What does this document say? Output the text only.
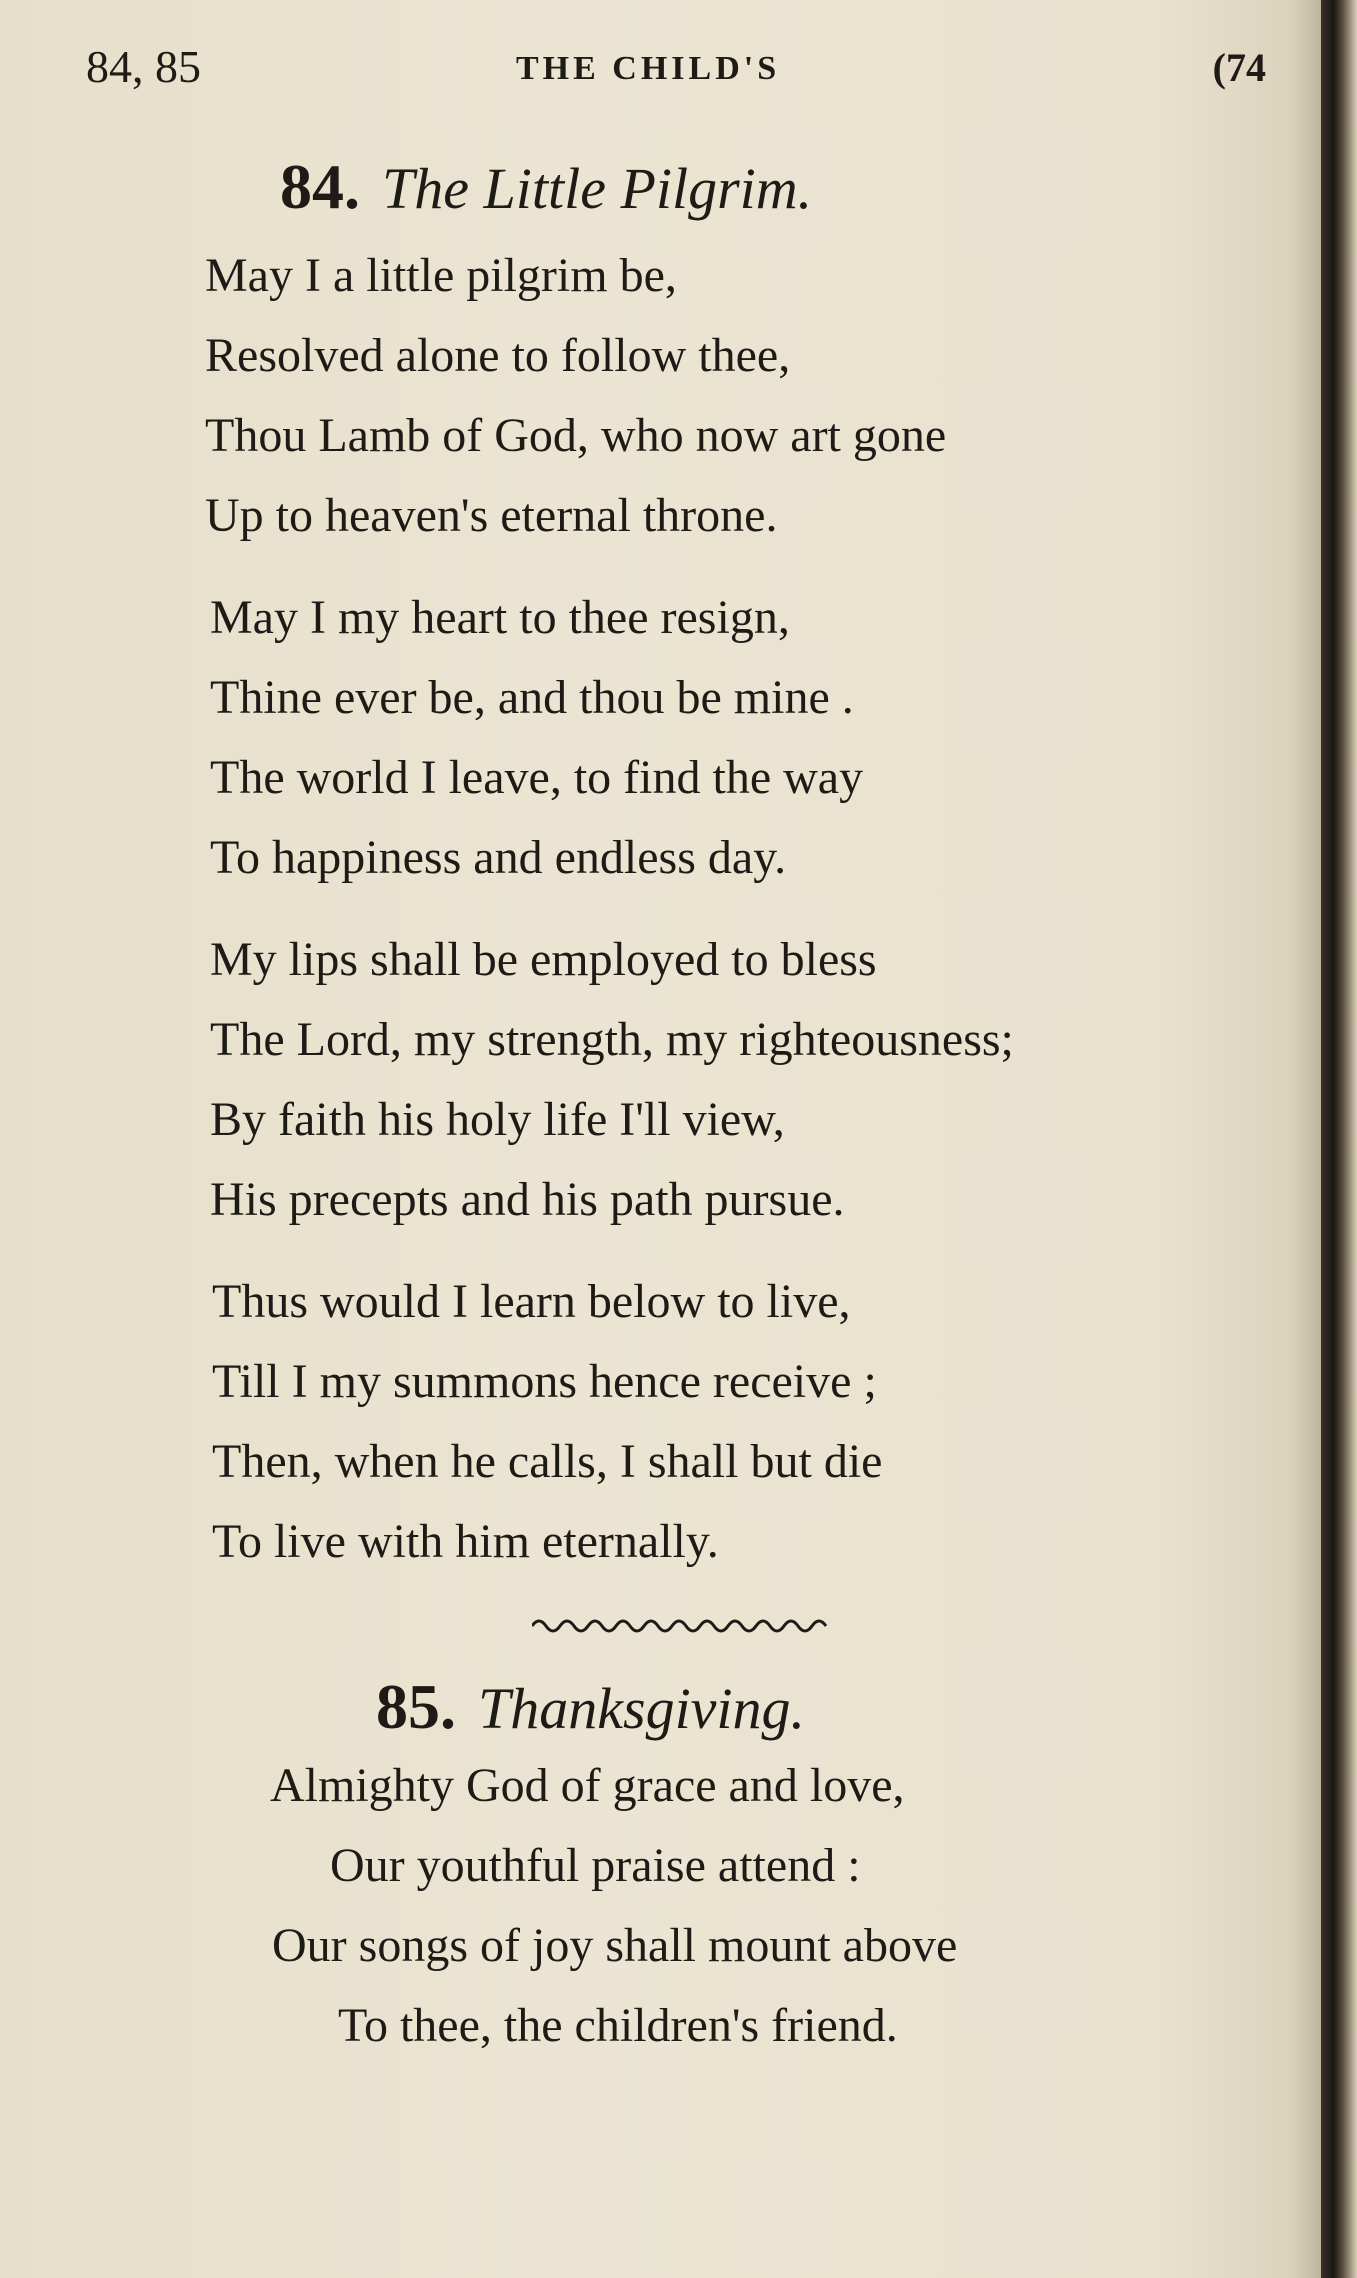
84, 85	THE CHILD'S	(74
84. The Little Pilgrim.
May I a little pilgrim be,
Resolved alone to follow thee,
Thou Lamb of God, who now art gone
Up to heaven's eternal throne.
May I my heart to thee resign,
Thine ever be, and thou be mine .
The world I leave, to find the way
To happiness and endless day.
My lips shall be employed to bless
The Lord, my strength, my righteousness;
By faith his holy life I'll view,
His precepts and his path pursue.
Thus would I learn below to live,
Till I my summons hence receive ;
Then, when he calls, I shall but die
To live with him eternally.
85. Thanksgiving.
Almighty God of grace and love,
Our youthful praise attend :
Our songs of joy shall mount above
To thee, the children's friend.
